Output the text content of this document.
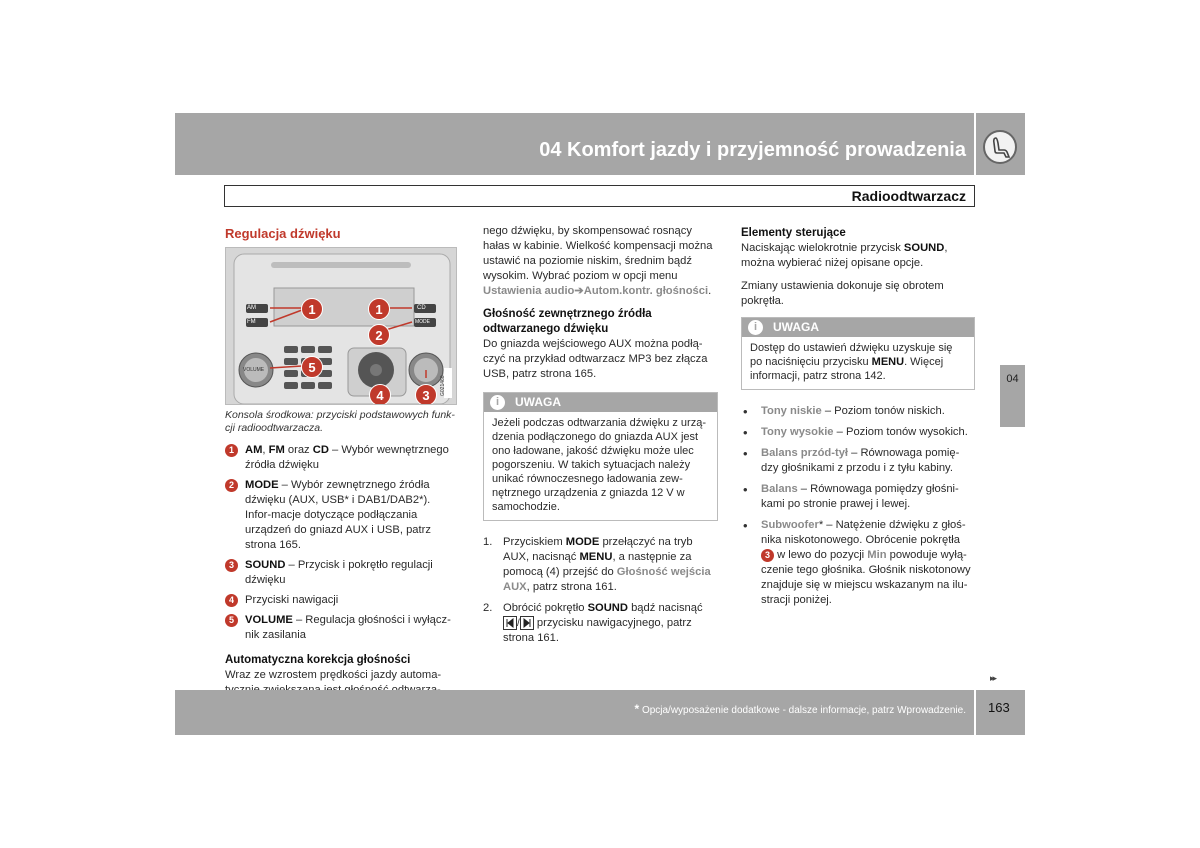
04 Komfort jazdy i przyjemność prowadzenia
Radioodtwarzacz
04
Regulacja dźwięku
1	1
2
5
4	3
AM
FM
CD
MODE
VOLUME
G021460

Konsola środkowa: przyciski podstawowych funk-cji radioodtwarzacza.

1 AM, FM oraz CD – Wybór wewnętrznego źródła dźwięku
2 MODE – Wybór zewnętrznego źródła dźwięku (AUX, USB* i DAB1/DAB2*). Infor-macje dotyczące podłączania urządzeń do gniazd AUX i USB, patrz strona 165.
3 SOUND – Przycisk i pokrętło regulacji dźwięku
4 Przyciski nawigacji
5 VOLUME – Regulacja głośności i wyłącz-nik zasilania
Automatyczna korekcja głośności

Wraz ze wzrostem prędkości jazdy automa-

nego dźwięku, by skompensować rosnący hałas w kabinie. Wielkość kompensacji można ustawić na poziomie niskim, średnim bądź wysokim. Wybrać poziom w opcji menu Ustawienia audio➔Autom.kontr. głośności.

Głośność zewnętrznego źródła odtwarzanego dźwięku

Do gniazda wejściowego AUX można podłą-czyć na przykład odtwarzacz MP3 bez złącza USB, patrz strona 165.

i UWAGA
Jeżeli podczas odtwarzania dźwięku z urzą-dzenia podłączonego do gniazda AUX jest ono ładowane, jakość dźwięku może ulec pogorszeniu. W takich sytuacjach należy unikać równoczesnego ładowania zew-nętrznego urządzenia z gniazda 12 V w samochodzie.
1. Przyciskiem MODE przełączyć na tryb AUX, nacisnąć MENU, a następnie za pomocą (4) przejść do Głośność wejścia AUX, patrz strona 161.
2. Obrócić pokrętło SOUND bądź nacisnąć / przycisku nawigacyjnego, patrz strona 161.
Elementy sterujące

Naciskając wielokrotnie przycisk SOUND, można wybierać niżej opisane opcje.

Zmiany ustawienia dokonuje się obrotem pokrętła.

i UWAGA
Dostęp do ustawień dźwięku uzyskuje się po naciśnięciu przycisku MENU. Więcej informacji, patrz strona 142.
• Tony niskie – Poziom tonów niskich.
• Tony wysokie – Poziom tonów wysokich.
• Balans przód-tył – Równowaga pomię-dzy głośnikami z przodu i z tyłu kabiny.
• Balans – Równowaga pomiędzy głośni-kami po stronie prawej i lewej.
• Subwoofer* – Natężenie dźwięku z głoś-nika niskotonowego. Obrócenie pokrętła 3 w lewo do pozycji Min powoduje wyłą-czenie tego głośnika. Głośnik niskotonowy znajduje się w miejscu wskazanym na ilu-stracji poniżej.
▸▸
* Opcja/wyposażenie dodatkowe - dalsze informacje, patrz Wprowadzenie. 163
